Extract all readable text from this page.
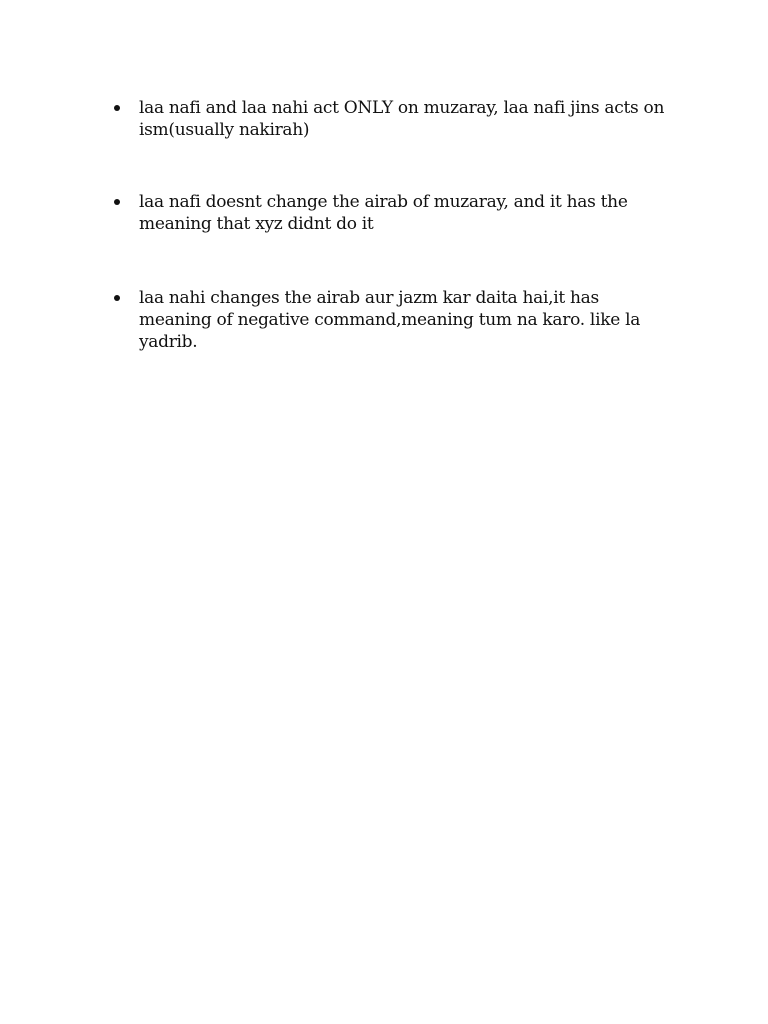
laa nafi and laa nahi act ONLY on muzaray, laa nafi jins acts on
ism(usually nakirah)
laa nafi doesnt change the airab of muzaray, and it has the
meaning that xyz didnt do it
laa nahi changes the airab aur jazm kar daita hai,it has
meaning of negative command,meaning tum na karo. like la
yadrib.
